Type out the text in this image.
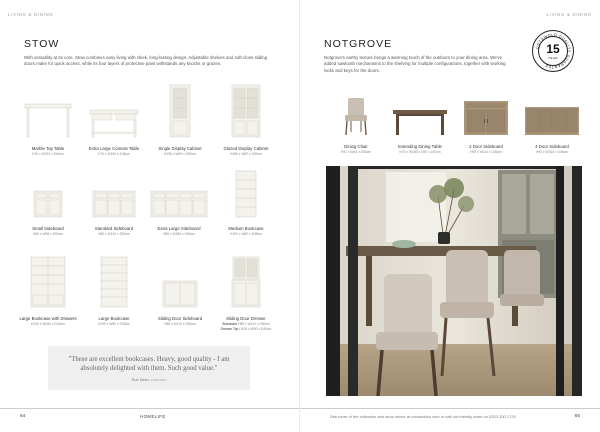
LIVING & DINING
STOW
With versatility at its core, Stow combines easy living with sleek, long-lasting design. Adjustable shelves and soft-close sliding doors make for quick access, while its four layers of protective paint withstands any knocks or grazes.
Marble Top Table
H76 x W122 x D64cm
Extra Large Console Table
H76 x W160 x D46cm
Single Display Cabinet
H196 x W69 x D50cm
Glazed Display Cabinet
H196 x W92 x D50cm
Small Sideboard
H85 x W96 x D50cm
Standard Sideboard
H85 x W140 x D50cm
Extra Large Sideboard
H85 x W180 x D50cm
Medium Bookcase
H190 x W80 x D35cm
Large Bookcase with Drawers
H195 x W150 x D43cm
Large Bookcase
H195 x W90 x D35cm
Sliding Door Sideboard
H85 x W110 x D50cm
Sliding Door Dresser
Sideboard H85 x W110 x D50cm
Dresser Top H106 x W90 x D45cm
"These are excellent bookcases. Heavy, good quality - I am absolutely delighted with them. Such good value."
Rob Keen, customer
64	HOMELIFE
LIVING & DINING
NOTGROVE
Notgrove's earthy texture brings a warming touch of the outdoors to your dining area. We've added sawtooth mechanisms to the shelving for multiple configurations, together with working locks and keys for the doors.
Dining Chair
H91 x W46 x D56cm
Extending Dining Table
H76 x W180 x D90 x 230cm
2 Door Sideboard
H90 x W110 x D46cm
4 Door Sideboard
H90 x W160 x D46cm
See more of the collection and shop online at cotswoldco.com or call our friendly team on 0333 200 1725	65
COTSWOLD QUALITY GUARANTEE
15
YEAR
